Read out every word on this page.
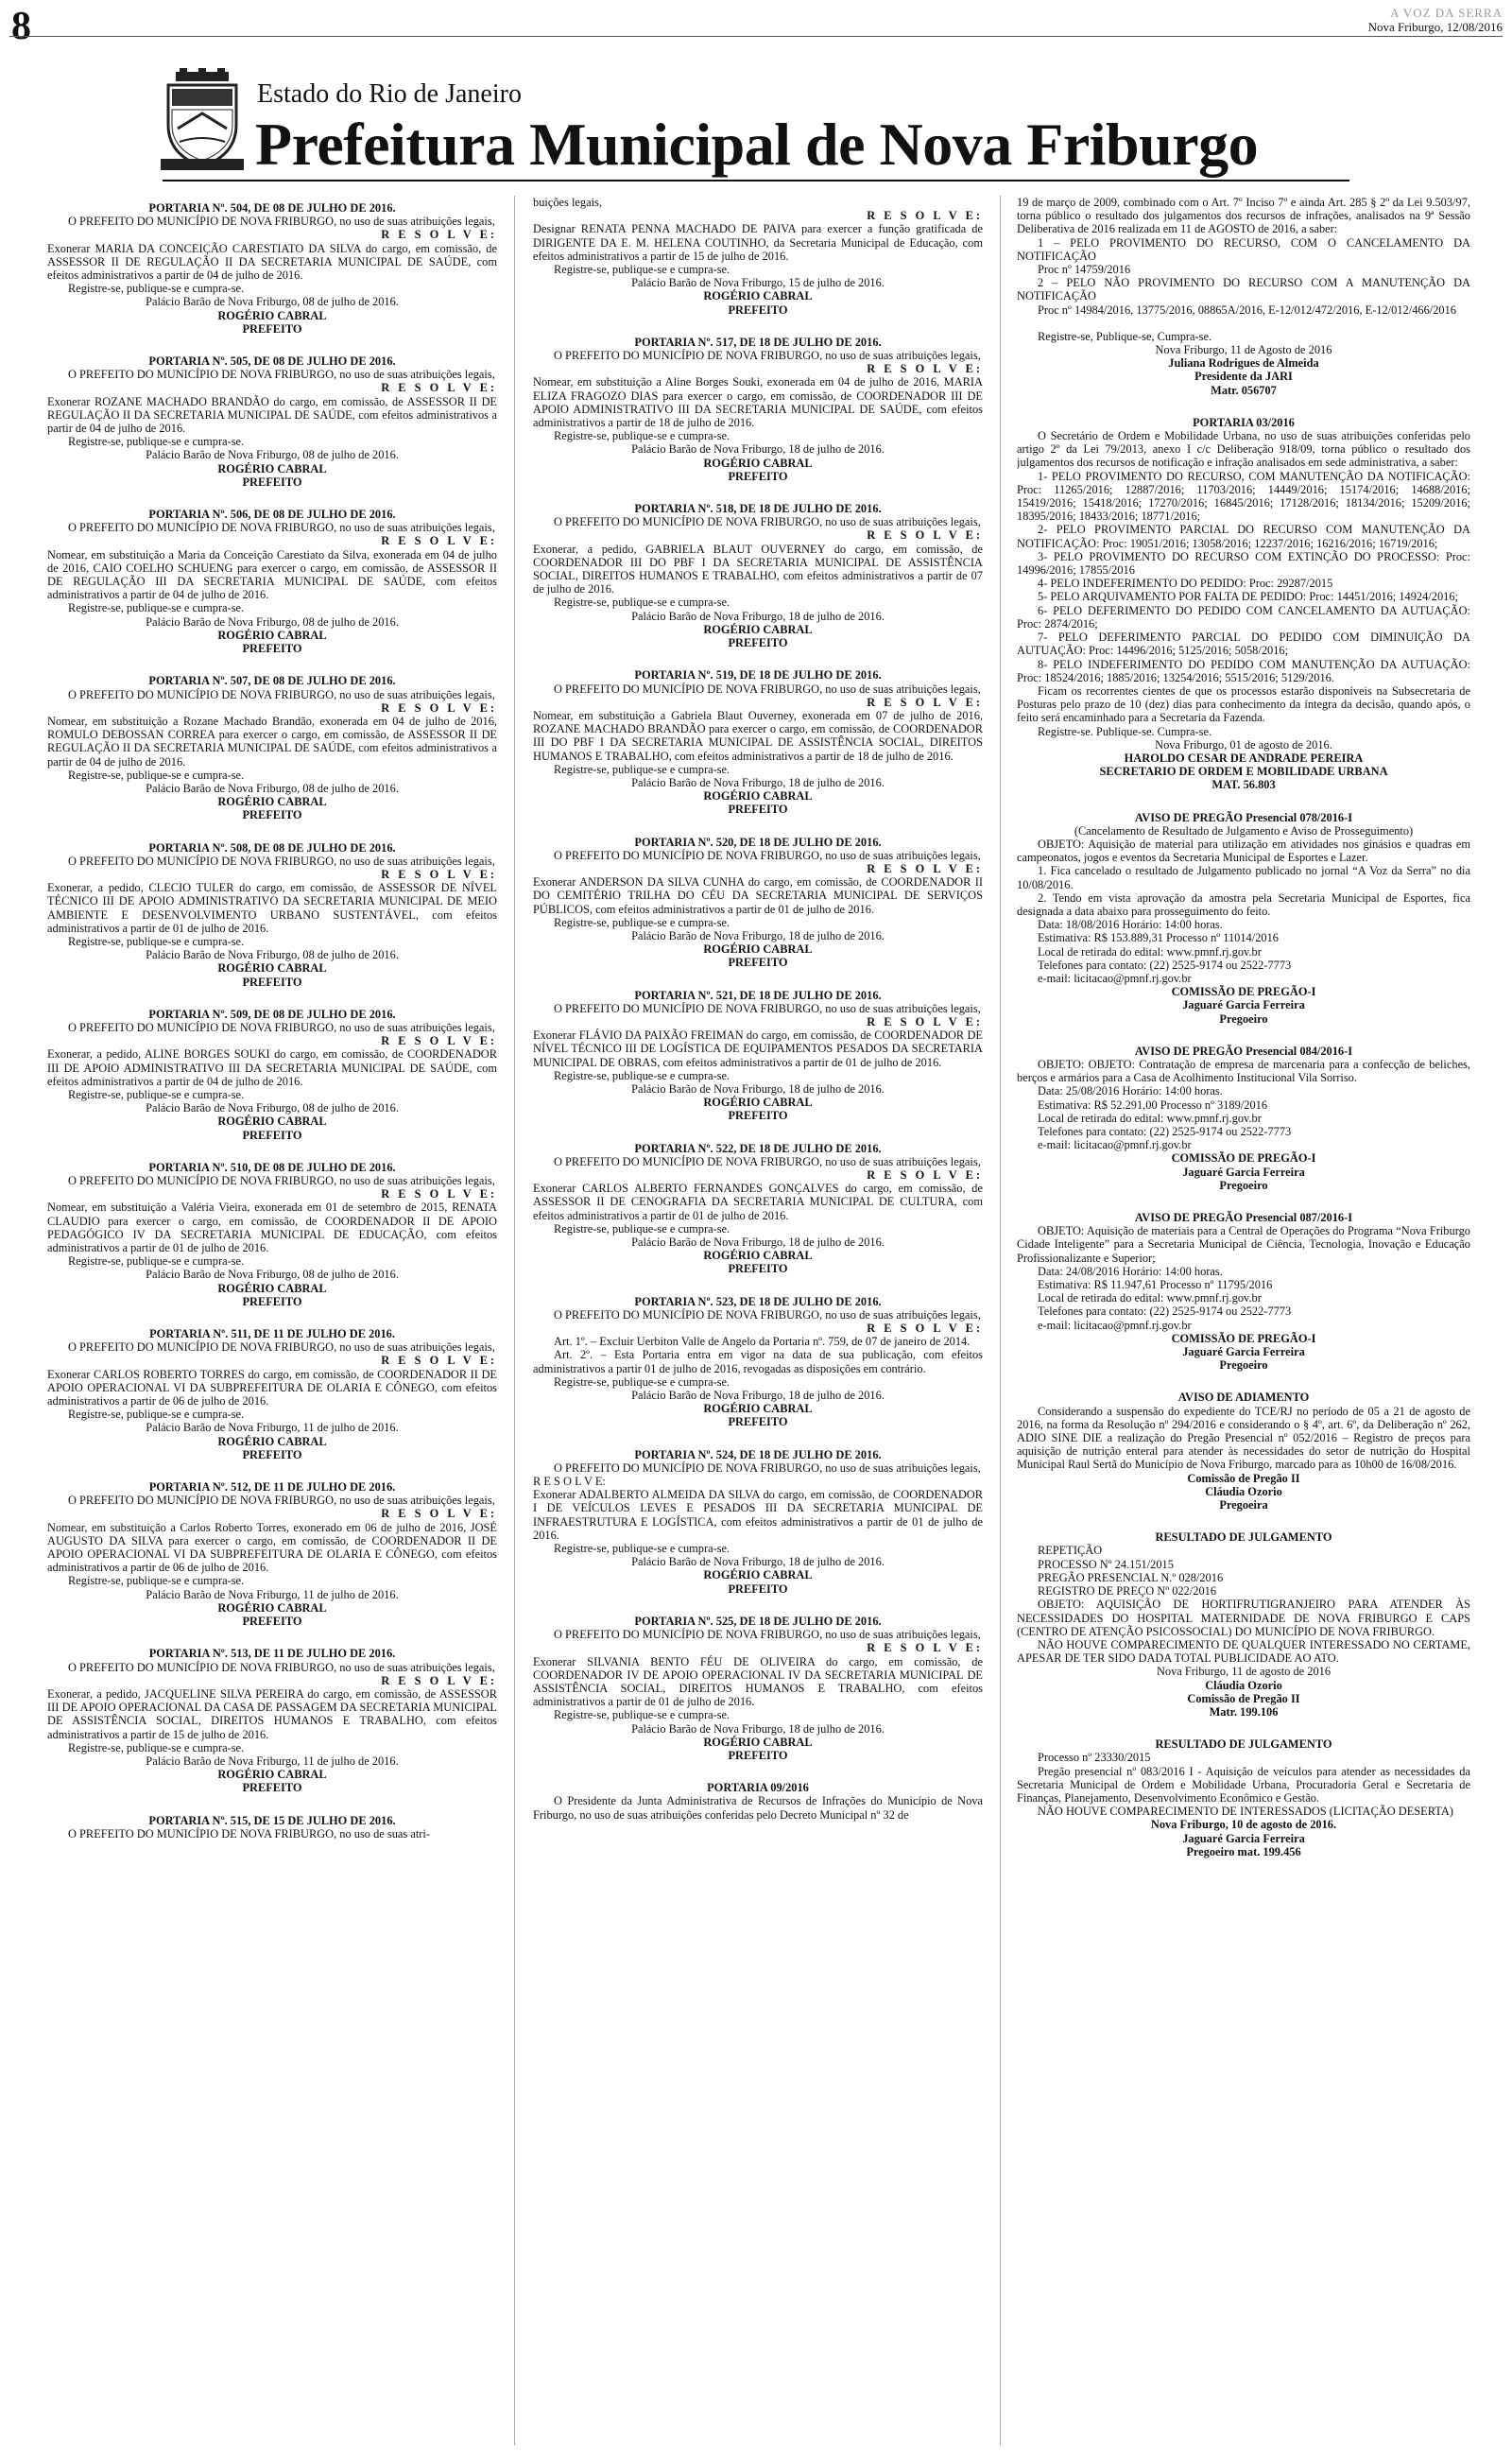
8	A VOZ DA SERRA
Nova Friburgo, 12/08/2016
Estado do Rio de Janeiro
Prefeitura Municipal de Nova Friburgo

PORTARIA Nº. 504, DE 08 DE JULHO DE 2016.

O PREFEITO DO MUNICÍPIO DE NOVA FRIBURGO, no uso de suas atribuições legais,

R E S O L V E:

Exonerar MARIA DA CONCEIÇÃO CARESTIATO DA SILVA do cargo, em comissão, de ASSESSOR II DE REGULAÇÃO II DA SECRETARIA MUNICIPAL DE SAÚDE, com efeitos administrativos a partir de 04 de julho de 2016.

Registre-se, publique-se e cumpra-se.

Palácio Barão de Nova Friburgo, 08 de julho de 2016.

ROGÉRIO CABRAL

PREFEITO

PORTARIA Nº. 505, DE 08 DE JULHO DE 2016.

O PREFEITO DO MUNICÍPIO DE NOVA FRIBURGO, no uso de suas atribuições legais,

R E S O L V E:

Exonerar ROZANE MACHADO BRANDÃO do cargo, em comissão, de ASSESSOR II DE REGULAÇÃO II DA SECRETARIA MUNICIPAL DE SAÚDE, com efeitos administrativos a partir de 04 de julho de 2016.

Registre-se, publique-se e cumpra-se.

Palácio Barão de Nova Friburgo, 08 de julho de 2016.

ROGÉRIO CABRAL

PREFEITO

PORTARIA Nº. 506, DE 08 DE JULHO DE 2016.

O PREFEITO DO MUNICÍPIO DE NOVA FRIBURGO, no uso de suas atribuições legais,

R E S O L V E:

Nomear, em substituição a Maria da Conceição Carestiato da Silva, exonerada em 04 de julho de 2016, CAIO COELHO SCHUENG para exercer o cargo, em comissão, de ASSESSOR II DE REGULAÇÃO III DA SECRETARIA MUNICIPAL DE SAÚDE, com efeitos administrativos a partir de 04 de julho de 2016.

Registre-se, publique-se e cumpra-se.

Palácio Barão de Nova Friburgo, 08 de julho de 2016.

ROGÉRIO CABRAL

PREFEITO

PORTARIA Nº. 507, DE 08 DE JULHO DE 2016.

O PREFEITO DO MUNICÍPIO DE NOVA FRIBURGO, no uso de suas atribuições legais,

R E S O L V E:

Nomear, em substituição a Rozane Machado Brandão, exonerada em 04 de julho de 2016, ROMULO DEBOSSAN CORREA para exercer o cargo, em comissão, de ASSESSOR II DE REGULAÇÃO II DA SECRETARIA MUNICIPAL DE SAÚDE, com efeitos administrativos a partir de 04 de julho de 2016.

Registre-se, publique-se e cumpra-se.

Palácio Barão de Nova Friburgo, 08 de julho de 2016.

ROGÉRIO CABRAL

PREFEITO

PORTARIA Nº. 508, DE 08 DE JULHO DE 2016.

O PREFEITO DO MUNICÍPIO DE NOVA FRIBURGO, no uso de suas atribuições legais,

R E S O L V E:

Exonerar, a pedido, CLECIO TULER do cargo, em comissão, de ASSESSOR DE NÍVEL TÉCNICO III DE APOIO ADMINISTRATIVO DA SECRETARIA MUNICIPAL DE MEIO AMBIENTE E DESENVOLVIMENTO URBANO SUSTENTÁVEL, com efeitos administrativos a partir de 01 de julho de 2016.

Registre-se, publique-se e cumpra-se.

Palácio Barão de Nova Friburgo, 08 de julho de 2016.

ROGÉRIO CABRAL

PREFEITO

PORTARIA Nº. 509, DE 08 DE JULHO DE 2016.

O PREFEITO DO MUNICÍPIO DE NOVA FRIBURGO, no uso de suas atribuições legais,

R E S O L V E:

Exonerar, a pedido, ALINE BORGES SOUKI do cargo, em comissão, de COORDENADOR III DE APOIO ADMINISTRATIVO III DA SECRETARIA MUNICIPAL DE SAÚDE, com efeitos administrativos a partir de 04 de julho de 2016.

Registre-se, publique-se e cumpra-se.

Palácio Barão de Nova Friburgo, 08 de julho de 2016.

ROGÉRIO CABRAL

PREFEITO

PORTARIA Nº. 510, DE 08 DE JULHO DE 2016.

O PREFEITO DO MUNICÍPIO DE NOVA FRIBURGO, no uso de suas atribuições legais,

R E S O L V E:

Nomear, em substituição a Valéria Vieira, exonerada em 01 de setembro de 2015, RENATA CLAUDIO para exercer o cargo, em comissão, de COORDENADOR II DE APOIO PEDAGÓGICO IV DA SECRETARIA MUNICIPAL DE EDUCAÇÃO, com efeitos administrativos a partir de 01 de julho de 2016.

Registre-se, publique-se e cumpra-se.

Palácio Barão de Nova Friburgo, 08 de julho de 2016.

ROGÉRIO CABRAL

PREFEITO

PORTARIA Nº. 511, DE 11 DE JULHO DE 2016.

O PREFEITO DO MUNICÍPIO DE NOVA FRIBURGO, no uso de suas atribuições legais,

R E S O L V E:

Exonerar CARLOS ROBERTO TORRES do cargo, em comissão, de COORDENADOR II DE APOIO OPERACIONAL VI DA SUBPREFEITURA DE OLARIA E CÔNEGO, com efeitos administrativos a partir de 06 de julho de 2016.

Registre-se, publique-se e cumpra-se.

Palácio Barão de Nova Friburgo, 11 de julho de 2016.

ROGÉRIO CABRAL

PREFEITO

PORTARIA Nº. 512, DE 11 DE JULHO DE 2016.

O PREFEITO DO MUNICÍPIO DE NOVA FRIBURGO, no uso de suas atribuições legais,

R E S O L V E:

Nomear, em substituição a Carlos Roberto Torres, exonerado em 06 de julho de 2016, JOSÉ AUGUSTO DA SILVA para exercer o cargo, em comissão, de COORDENADOR II DE APOIO OPERACIONAL VI DA SUBPREFEITURA DE OLARIA E CÔNEGO, com efeitos administrativos a partir de 06 de julho de 2016.

Registre-se, publique-se e cumpra-se.

Palácio Barão de Nova Friburgo, 11 de julho de 2016.

ROGÉRIO CABRAL

PREFEITO

PORTARIA Nº. 513, DE 11 DE JULHO DE 2016.

O PREFEITO DO MUNICÍPIO DE NOVA FRIBURGO, no uso de suas atribuições legais,

R E S O L V E:

Exonerar, a pedido, JACQUELINE SILVA PEREIRA do cargo, em comissão, de ASSESSOR III DE APOIO OPERACIONAL DA CASA DE PASSAGEM DA SECRETARIA MUNICIPAL DE ASSISTÊNCIA SOCIAL, DIREITOS HUMANOS E TRABALHO, com efeitos administrativos a partir de 15 de julho de 2016.

Registre-se, publique-se e cumpra-se.

Palácio Barão de Nova Friburgo, 11 de julho de 2016.

ROGÉRIO CABRAL

PREFEITO

PORTARIA Nº. 515, DE 15 DE JULHO DE 2016.

O PREFEITO DO MUNICÍPIO DE NOVA FRIBURGO, no uso de suas atri-

buições legais,

R E S O L V E:

Designar RENATA PENNA MACHADO DE PAIVA para exercer a função gratificada de DIRIGENTE DA E. M. HELENA COUTINHO, da Secretaria Municipal de Educação, com efeitos administrativos a partir de 15 de julho de 2016.

Registre-se, publique-se e cumpra-se.

Palácio Barão de Nova Friburgo, 15 de julho de 2016.

ROGÉRIO CABRAL

PREFEITO

PORTARIA Nº. 517, DE 18 DE JULHO DE 2016.

O PREFEITO DO MUNICÍPIO DE NOVA FRIBURGO, no uso de suas atribuições legais,

R E S O L V E:

Nomear, em substituição a Aline Borges Souki, exonerada em 04 de julho de 2016, MARIA ELIZA FRAGOZO DIAS para exercer o cargo, em comissão, de COORDENADOR III DE APOIO ADMINISTRATIVO III DA SECRETARIA MUNICIPAL DE SAÚDE, com efeitos administrativos a partir de 18 de julho de 2016.

Registre-se, publique-se e cumpra-se.

Palácio Barão de Nova Friburgo, 18 de julho de 2016.

ROGÉRIO CABRAL

PREFEITO

PORTARIA Nº. 518, DE 18 DE JULHO DE 2016.

O PREFEITO DO MUNICÍPIO DE NOVA FRIBURGO, no uso de suas atribuições legais,

R E S O L V E:

Exonerar, a pedido, GABRIELA BLAUT OUVERNEY do cargo, em comissão, de COORDENADOR III DO PBF I DA SECRETARIA MUNICIPAL DE ASSISTÊNCIA SOCIAL, DIREITOS HUMANOS E TRABALHO, com efeitos administrativos a partir de 07 de julho de 2016.

Registre-se, publique-se e cumpra-se.

Palácio Barão de Nova Friburgo, 18 de julho de 2016.

ROGÉRIO CABRAL

PREFEITO

PORTARIA Nº. 519, DE 18 DE JULHO DE 2016.

O PREFEITO DO MUNICÍPIO DE NOVA FRIBURGO, no uso de suas atribuições legais,

R E S O L V E:

Nomear, em substituição a Gabriela Blaut Ouverney, exonerada em 07 de julho de 2016, ROZANE MACHADO BRANDÃO para exercer o cargo, em comissão, de COORDENADOR III DO PBF I DA SECRETARIA MUNICIPAL DE ASSISTÊNCIA SOCIAL, DIREITOS HUMANOS E TRABALHO, com efeitos administrativos a partir de 18 de julho de 2016.

Registre-se, publique-se e cumpra-se.

Palácio Barão de Nova Friburgo, 18 de julho de 2016.

ROGÉRIO CABRAL

PREFEITO

PORTARIA Nº. 520, DE 18 DE JULHO DE 2016.

O PREFEITO DO MUNICÍPIO DE NOVA FRIBURGO, no uso de suas atribuições legais,

R E S O L V E:

Exonerar ANDERSON DA SILVA CUNHA do cargo, em comissão, de COORDENADOR II DO CEMITÉRIO TRILHA DO CÉU DA SECRETARIA MUNICIPAL DE SERVIÇOS PÚBLICOS, com efeitos administrativos a partir de 01 de julho de 2016.

Registre-se, publique-se e cumpra-se.

Palácio Barão de Nova Friburgo, 18 de julho de 2016.

ROGÉRIO CABRAL

PREFEITO

PORTARIA Nº. 521, DE 18 DE JULHO DE 2016.

O PREFEITO DO MUNICÍPIO DE NOVA FRIBURGO, no uso de suas atribuições legais,

R E S O L V E:

Exonerar FLÁVIO DA PAIXÃO FREIMAN do cargo, em comissão, de COORDENADOR DE NÍVEL TÉCNICO III DE LOGÍSTICA DE EQUIPAMENTOS PESADOS DA SECRETARIA MUNICIPAL DE OBRAS, com efeitos administrativos a partir de 01 de julho de 2016.

Registre-se, publique-se e cumpra-se.

Palácio Barão de Nova Friburgo, 18 de julho de 2016.

ROGÉRIO CABRAL

PREFEITO

PORTARIA Nº. 522, DE 18 DE JULHO DE 2016.

O PREFEITO DO MUNICÍPIO DE NOVA FRIBURGO, no uso de suas atribuições legais,

R E S O L V E:

Exonerar CARLOS ALBERTO FERNANDES GONÇALVES do cargo, em comissão, de ASSESSOR II DE CENOGRAFIA DA SECRETARIA MUNICIPAL DE CULTURA, com efeitos administrativos a partir de 01 de julho de 2016.

Registre-se, publique-se e cumpra-se.

Palácio Barão de Nova Friburgo, 18 de julho de 2016.

ROGÉRIO CABRAL

PREFEITO

PORTARIA Nº. 523, DE 18 DE JULHO DE 2016.

O PREFEITO DO MUNICÍPIO DE NOVA FRIBURGO, no uso de suas atribuições legais,

R E S O L V E:

Art. 1º. – Excluir Uerbiton Valle de Angelo da Portaria nº. 759, de 07 de janeiro de 2014.

Art. 2º. – Esta Portaria entra em vigor na data de sua publicação, com efeitos administrativos a partir 01 de julho de 2016, revogadas as disposições em contrário.

Registre-se, publique-se e cumpra-se.

Palácio Barão de Nova Friburgo, 18 de julho de 2016.

ROGÉRIO CABRAL

PREFEITO

PORTARIA Nº. 524, DE 18 DE JULHO DE 2016.

O PREFEITO DO MUNICÍPIO DE NOVA FRIBURGO, no uso de suas atribuições legais,

R E S O L V E:

Exonerar ADALBERTO ALMEIDA DA SILVA do cargo, em comissão, de COORDENADOR I DE VEÍCULOS LEVES E PESADOS III DA SECRETARIA MUNICIPAL DE INFRAESTRUTURA E LOGÍSTICA, com efeitos administrativos a partir de 01 de julho de 2016.

Registre-se, publique-se e cumpra-se.

Palácio Barão de Nova Friburgo, 18 de julho de 2016.

ROGÉRIO CABRAL

PREFEITO

PORTARIA Nº. 525, DE 18 DE JULHO DE 2016.

O PREFEITO DO MUNICÍPIO DE NOVA FRIBURGO, no uso de suas atribuições legais,

R E S O L V E:

Exonerar SILVANIA BENTO FÉU DE OLIVEIRA do cargo, em comissão, de COORDENADOR IV DE APOIO OPERACIONAL IV DA SECRETARIA MUNICIPAL DE ASSISTÊNCIA SOCIAL, DIREITOS HUMANOS E TRABALHO, com efeitos administrativos a partir de 01 de julho de 2016.

Registre-se, publique-se e cumpra-se.

Palácio Barão de Nova Friburgo, 18 de julho de 2016.

ROGÉRIO CABRAL

PREFEITO

PORTARIA 09/2016

O Presidente da Junta Administrativa de Recursos de Infrações do Município de Nova Friburgo, no uso de suas atribuições conferidas pelo Decreto Municipal nº 32 de

19 de março de 2009, combinado com o Art. 7º Inciso 7º e ainda Art. 285 § 2º da Lei 9.503/97, torna público o resultado dos julgamentos dos recursos de infrações, analisados na 9ª Sessão Deliberativa de 2016 realizada em 11 de AGOSTO de 2016, a saber:

1 – PELO PROVIMENTO DO RECURSO, COM O CANCELAMENTO DA NOTIFICAÇÃO

Proc nº 14759/2016

2 – PELO NÃO PROVIMENTO DO RECURSO COM A MANUTENÇÃO DA NOTIFICAÇÃO

Proc nº 14984/2016, 13775/2016, 08865A/2016, E-12/012/472/2016, E-12/012/466/2016

Registre-se, Publique-se, Cumpra-se.

Nova Friburgo, 11 de Agosto de 2016

Juliana Rodrigues de Almeida

Presidente da JARI

Matr. 056707

PORTARIA 03/2016

O Secretário de Ordem e Mobilidade Urbana, no uso de suas atribuições conferidas pelo artigo 2º da Lei 79/2013, anexo I c/c Deliberação 918/09, torna público o resultado dos julgamentos dos recursos de notificação e infração analisados em sede administrativa, a saber:

1- PELO PROVIMENTO DO RECURSO, COM MANUTENÇÃO DA NOTIFICAÇÃO: Proc: 11265/2016; 12887/2016; 11703/2016; 14449/2016; 15174/2016; 14688/2016; 15419/2016; 15418/2016; 17270/2016; 16845/2016; 17128/2016; 18134/2016; 15209/2016; 18395/2016; 18433/2016; 18771/2016;

2- PELO PROVIMENTO PARCIAL DO RECURSO COM MANUTENÇÃO DA NOTIFICAÇÃO: Proc: 19051/2016; 13058/2016; 12237/2016; 16216/2016; 16719/2016;

3- PELO PROVIMENTO DO RECURSO COM EXTINÇÃO DO PROCESSO: Proc: 14996/2016; 17855/2016

4- PELO INDEFERIMENTO DO PEDIDO: Proc: 29287/2015

5- PELO ARQUIVAMENTO POR FALTA DE PEDIDO: Proc: 14451/2016; 14924/2016;

6- PELO DEFERIMENTO DO PEDIDO COM CANCELAMENTO DA AUTUAÇÃO: Proc: 2874/2016;

7- PELO DEFERIMENTO PARCIAL DO PEDIDO COM DIMINUIÇÃO DA AUTUAÇÃO: Proc: 14496/2016; 5125/2016; 5058/2016;

8- PELO INDEFERIMENTO DO PEDIDO COM MANUTENÇÃO DA AUTUAÇÃO: Proc: 18524/2016; 1885/2016; 13254/2016; 5515/2016; 5129/2016.

Ficam os recorrentes cientes de que os processos estarão disponíveis na Subsecretaria de Posturas pelo prazo de 10 (dez) dias para conhecimento da íntegra da decisão, quando após, o feito será encaminhado para a Secretaria da Fazenda.

Registre-se. Publique-se. Cumpra-se.

Nova Friburgo, 01 de agosto de 2016.

HAROLDO CESAR DE ANDRADE PEREIRA

SECRETARIO DE ORDEM E MOBILIDADE URBANA

MAT. 56.803

AVISO DE PREGÃO Presencial 078/2016-I

(Cancelamento de Resultado de Julgamento e Aviso de Prosseguimento)

OBJETO: Aquisição de material para utilização em atividades nos ginásios e quadras em campeonatos, jogos e eventos da Secretaria Municipal de Esportes e Lazer.

1. Fica cancelado o resultado de Julgamento publicado no jornal “A Voz da Serra” no dia 10/08/2016.

2. Tendo em vista aprovação da amostra pela Secretaria Municipal de Esportes, fica designada a data abaixo para prosseguimento do feito.

Data: 18/08/2016 Horário: 14:00 horas.

Estimativa: R$ 153.889,31 Processo nº 11014/2016

Local de retirada do edital: www.pmnf.rj.gov.br

Telefones para contato: (22) 2525-9174 ou 2522-7773

e-mail: licitacao@pmnf.rj.gov.br

COMISSÃO DE PREGÃO-I

Jaguaré Garcia Ferreira

Pregoeiro

AVISO DE PREGÃO Presencial 084/2016-I

OBJETO: OBJETO: Contratação de empresa de marcenaria para a confecção de beliches, berços e armários para a Casa de Acolhimento Institucional Vila Sorriso.

Data: 25/08/2016 Horário: 14:00 horas.

Estimativa: R$ 52.291,00 Processo nº 3189/2016

Local de retirada do edital: www.pmnf.rj.gov.br

Telefones para contato: (22) 2525-9174 ou 2522-7773

e-mail: licitacao@pmnf.rj.gov.br

COMISSÃO DE PREGÃO-I

Jaguaré Garcia Ferreira

Pregoeiro

AVISO DE PREGÃO Presencial 087/2016-I

OBJETO: Aquisição de materiais para a Central de Operações do Programa “Nova Friburgo Cidade Inteligente” para a Secretaria Municipal de Ciência, Tecnologia, Inovação e Educação Profissionalizante e Superior;

Data: 24/08/2016 Horário: 14:00 horas.

Estimativa: R$ 11.947,61 Processo nº 11795/2016

Local de retirada do edital: www.pmnf.rj.gov.br

Telefones para contato: (22) 2525-9174 ou 2522-7773

e-mail: licitacao@pmnf.rj.gov.br

COMISSÃO DE PREGÃO-I

Jaguaré Garcia Ferreira

Pregoeiro

AVISO DE ADIAMENTO

Considerando a suspensão do expediente do TCE/RJ no período de 05 a 21 de agosto de 2016, na forma da Resolução nº 294/2016 e considerando o § 4º, art. 6º, da Deliberação nº 262, ADIO SINE DIE a realização do Pregão Presencial nº 052/2016 – Registro de preços para aquisição de nutrição enteral para atender às necessidades do setor de nutrição do Hospital Municipal Raul Sertã do Município de Nova Friburgo, marcado para as 10h00 de 16/08/2016.

Comissão de Pregão II

Cláudia Ozorio

Pregoeira

RESULTADO DE JULGAMENTO

REPETIÇÃO

PROCESSO Nº 24.151/2015

PREGÃO PRESENCIAL N.º 028/2016

REGISTRO DE PREÇO Nº 022/2016

OBJETO: AQUISIÇÃO DE HORTIFRUTIGRANJEIRO PARA ATENDER ÀS NECESSIDADES DO HOSPITAL MATERNIDADE DE NOVA FRIBURGO E CAPS (CENTRO DE ATENÇÃO PSICOSSOCIAL) DO MUNICÍPIO DE NOVA FRIBURGO.

NÃO HOUVE COMPARECIMENTO DE QUALQUER INTERESSADO NO CERTAME, APESAR DE TER SIDO DADA TOTAL PUBLICIDADE AO ATO.

Nova Friburgo, 11 de agosto de 2016

Cláudia Ozorio

Comissão de Pregão II

Matr. 199.106

RESULTADO DE JULGAMENTO

Processo nº 23330/2015

Pregão presencial nº 083/2016 I - Aquisição de veículos para atender as necessidades da Secretaria Municipal de Ordem e Mobilidade Urbana, Procuradoria Geral e Secretaria de Finanças, Planejamento, Desenvolvimento Econômico e Gestão.

NÃO HOUVE COMPARECIMENTO DE INTERESSADOS (LICITAÇÃO DESERTA)

Nova Friburgo, 10 de agosto de 2016.

Jaguaré Garcia Ferreira

Pregoeiro mat. 199.456
